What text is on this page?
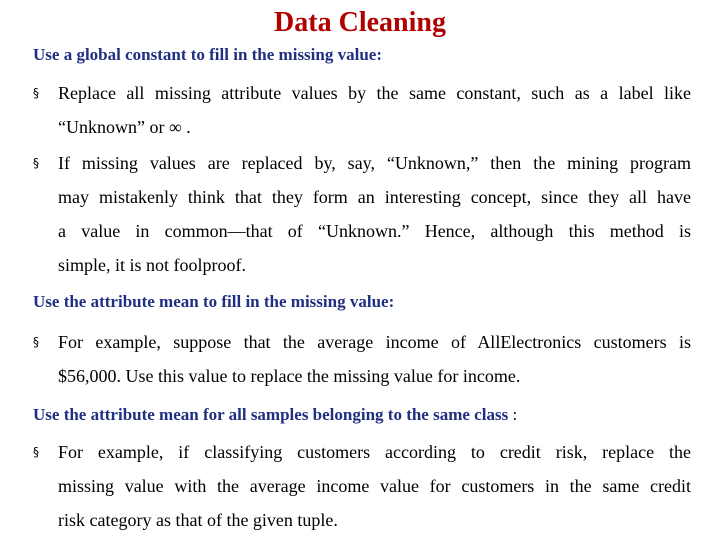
Data Cleaning
Use a global constant to fill in the missing value:
§ Replace all missing attribute values by the same constant, such as a label like
“Unknown” or ∞ .
§ If missing values are replaced by, say, “Unknown,” then the mining program
may mistakenly think that they form an interesting concept, since they all have
a value in common—that of “Unknown.” Hence, although this method is
simple, it is not foolproof.
Use the attribute mean to fill in the missing value:
§ For example, suppose that the average income of AllElectronics customers is
$56,000. Use this value to replace the missing value for income.
Use the attribute mean for all samples belonging to the same class :
§ For example, if classifying customers according to credit risk, replace the
missing value with the average income value for customers in the same credit
risk category as that of the given tuple.
